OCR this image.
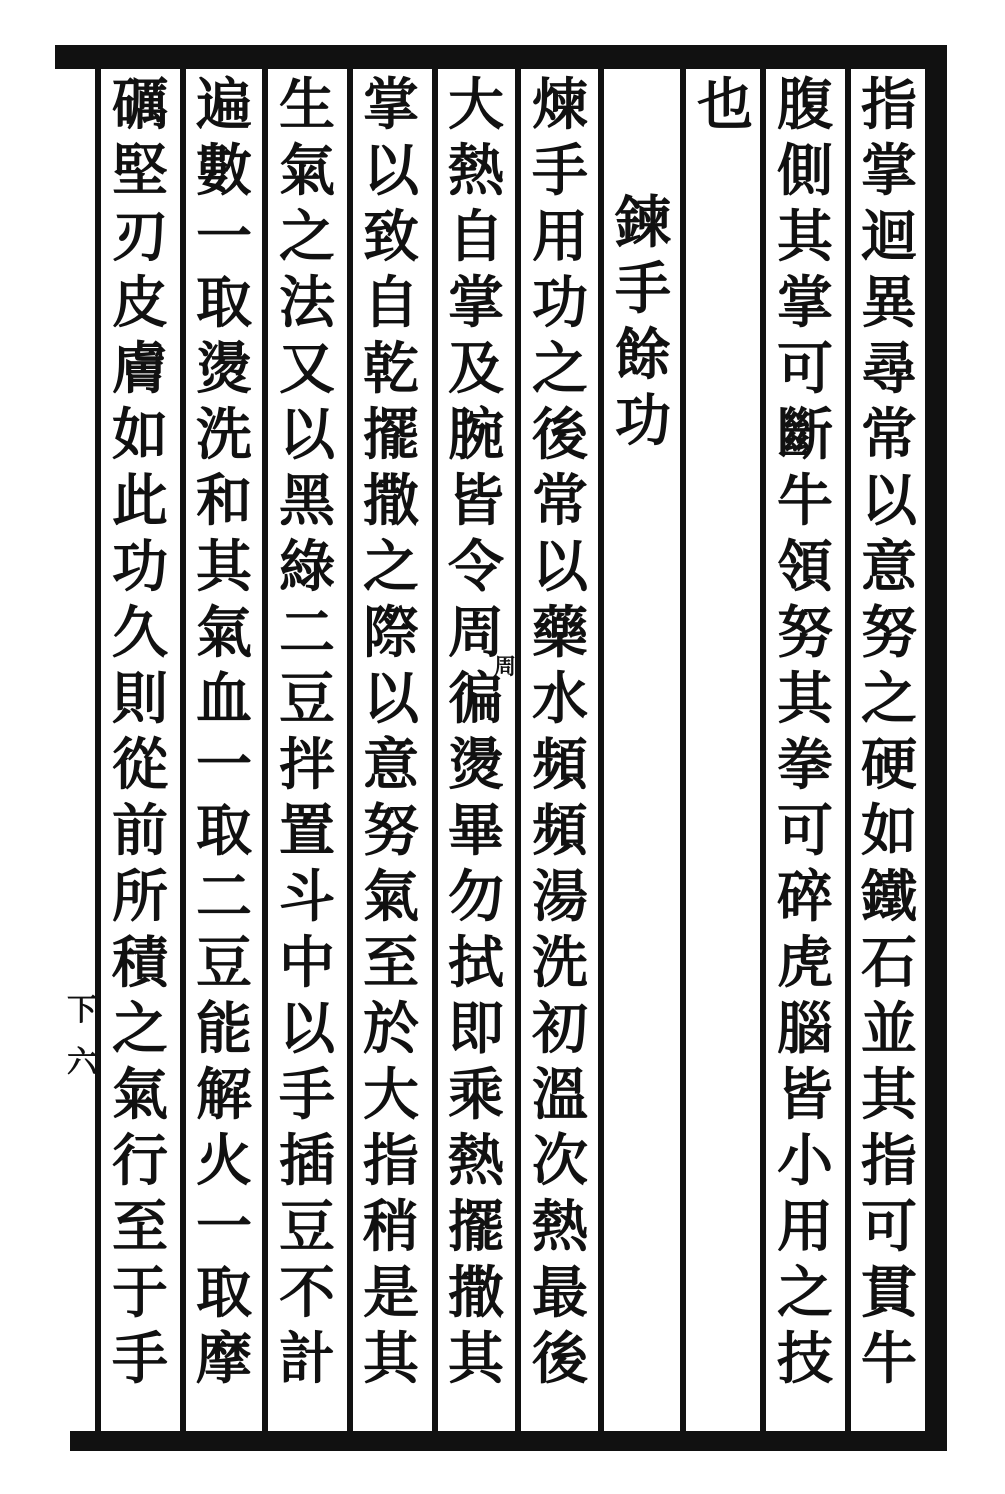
指
掌
迴
異
尋
常
以
意
努
之
硬
如
鐵
石
並
其
指
可
貫
牛
腹
側
其
掌
可
斷
牛
領
努
其
拳
可
碎
虎
腦
皆
小
用
之
技
也
鍊
手
餘
功
煉
手
用
功
之
後
常
以
藥
水
頻
頻
湯
洗
初
溫
次
熱
最
後
大
熱
自
掌
及
腕
皆
令
周
徧
燙
畢
勿
拭
即
乘
熱
擺
撒
其
掌
以
致
自
乾
擺
撒
之
際
以
意
努
氣
至
於
大
指
稍
是
其
生
氣
之
法
又
以
黑
綠
二
豆
拌
置
斗
中
以
手
插
豆
不
計
遍
數
一
取
燙
洗
和
其
氣
血
一
取
二
豆
能
解
火
一
取
摩
礪
堅
刃
皮
膚
如
此
功
久
則
從
前
所
積
之
氣
行
至
于
手
周
下
六
